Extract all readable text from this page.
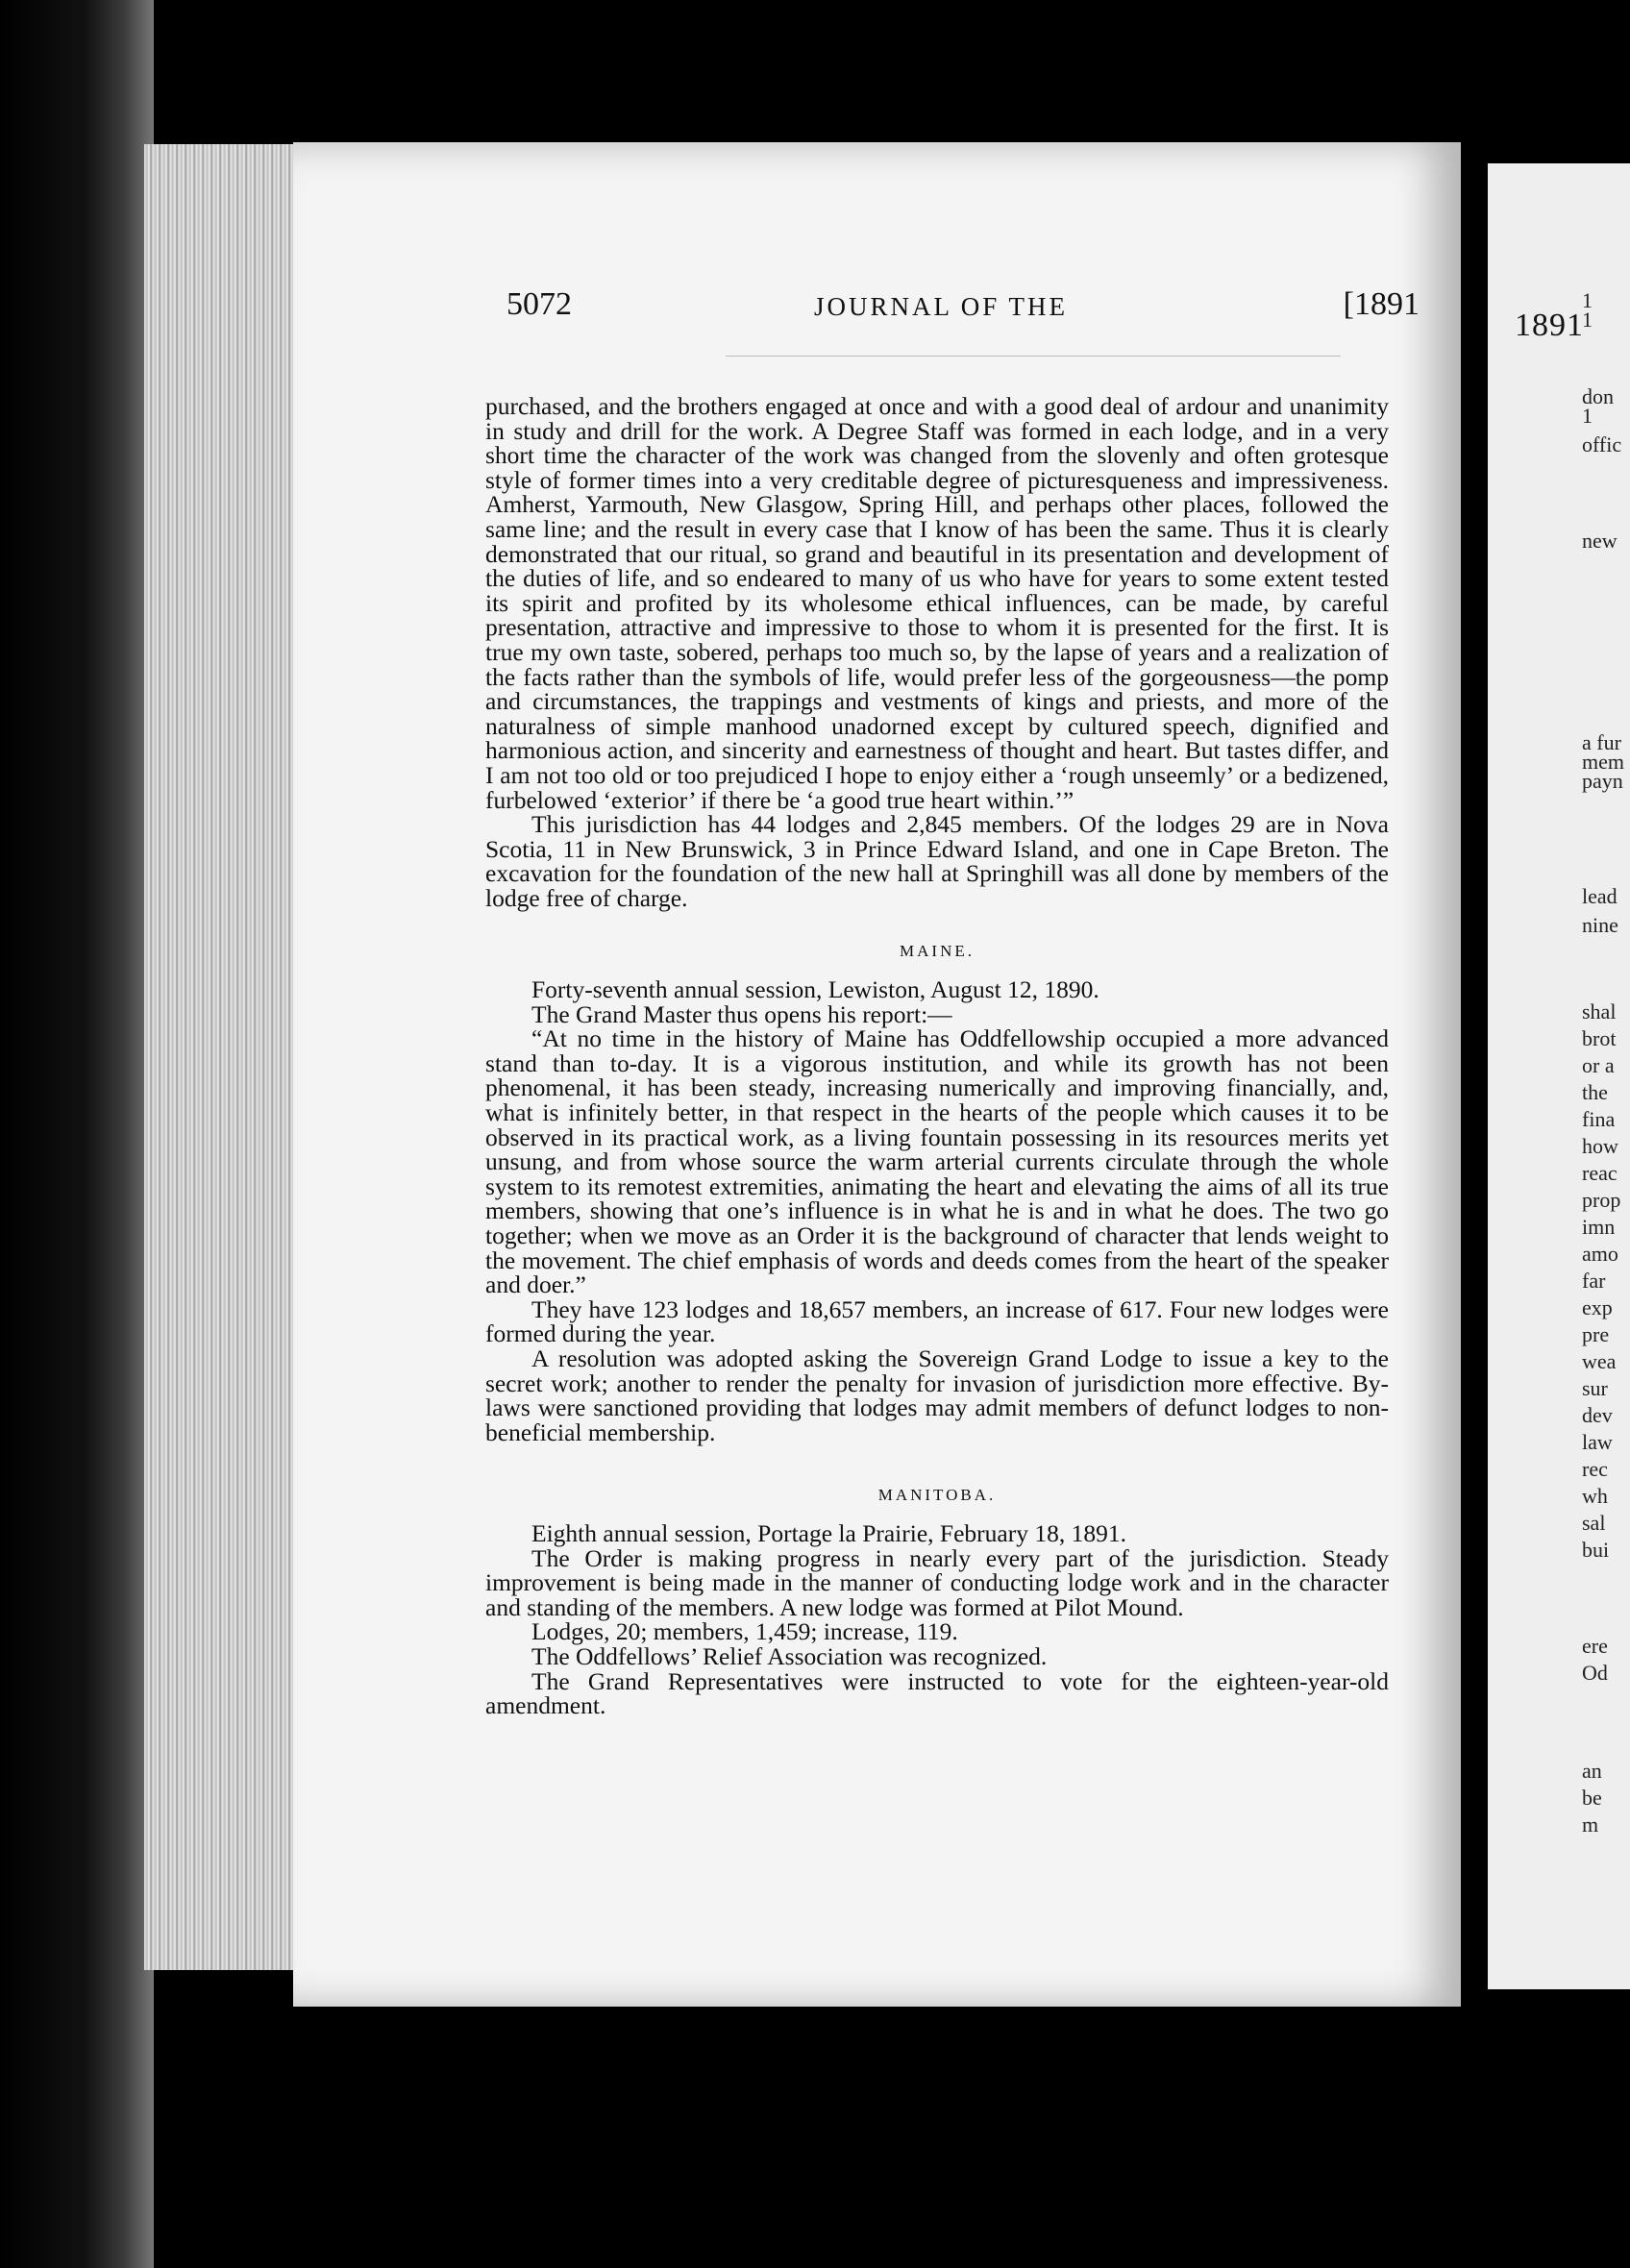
1891
1
1
don
1
offic
new
a fur
mem
payn
lead
nine
shal
brot
or a
the
fina
how
reac
prop
imn
amo
far
exp
pre
wea
sur
dev
law
rec
wh
sal
bui
ere
Od
an
be
m
5072	JOURNAL OF THE	[1891

purchased, and the brothers engaged at once and with a good deal of ardour and unanimity in study and drill for the work. A Degree Staff was formed in each lodge, and in a very short time the character of the work was changed from the slovenly and often grotesque style of former times into a very creditable degree of picturesqueness and impressiveness. Amherst, Yarmouth, New Glasgow, Spring Hill, and perhaps other places, followed the same line; and the result in every case that I know of has been the same. Thus it is clearly demonstrated that our ritual, so grand and beautiful in its presentation and development of the duties of life, and so endeared to many of us who have for years to some extent tested its spirit and profited by its wholesome ethical influences, can be made, by careful presentation, attractive and impressive to those to whom it is presented for the first. It is true my own taste, sobered, perhaps too much so, by the lapse of years and a realization of the facts rather than the symbols of life, would prefer less of the gorgeousness—the pomp and circumstances, the trappings and vestments of kings and priests, and more of the naturalness of simple manhood unadorned except by cultured speech, dignified and harmonious action, and sincerity and earnestness of thought and heart. But tastes differ, and I am not too old or too prejudiced I hope to enjoy either a ‘rough unseemly’ or a bedizened, furbelowed ‘exterior’ if there be ‘a good true heart within.’”

This jurisdiction has 44 lodges and 2,845 members. Of the lodges 29 are in Nova Scotia, 11 in New Brunswick, 3 in Prince Edward Island, and one in Cape Breton. The excavation for the foundation of the new hall at Springhill was all done by members of the lodge free of charge.

MAINE.

Forty-seventh annual session, Lewiston, August 12, 1890.

The Grand Master thus opens his report:—

“At no time in the history of Maine has Oddfellowship occupied a more advanced stand than to-day. It is a vigorous institution, and while its growth has not been phenomenal, it has been steady, increasing numerically and improving financially, and, what is infinitely better, in that respect in the hearts of the people which causes it to be observed in its practical work, as a living fountain possessing in its resources merits yet unsung, and from whose source the warm arterial currents circulate through the whole system to its remotest extremities, animating the heart and elevating the aims of all its true members, showing that one’s influence is in what he is and in what he does. The two go together; when we move as an Order it is the background of character that lends weight to the movement. The chief emphasis of words and deeds comes from the heart of the speaker and doer.”

They have 123 lodges and 18,657 members, an increase of 617. Four new lodges were formed during the year.

A resolution was adopted asking the Sovereign Grand Lodge to issue a key to the secret work; another to render the penalty for invasion of jurisdiction more effective. By-laws were sanctioned providing that lodges may admit members of defunct lodges to non-beneficial membership.

MANITOBA.

Eighth annual session, Portage la Prairie, February 18, 1891.

The Order is making progress in nearly every part of the jurisdiction. Steady improvement is being made in the manner of conducting lodge work and in the character and standing of the members. A new lodge was formed at Pilot Mound.

Lodges, 20; members, 1,459; increase, 119.

The Oddfellows’ Relief Association was recognized.

The Grand Representatives were instructed to vote for the eighteen-year-old amendment.
